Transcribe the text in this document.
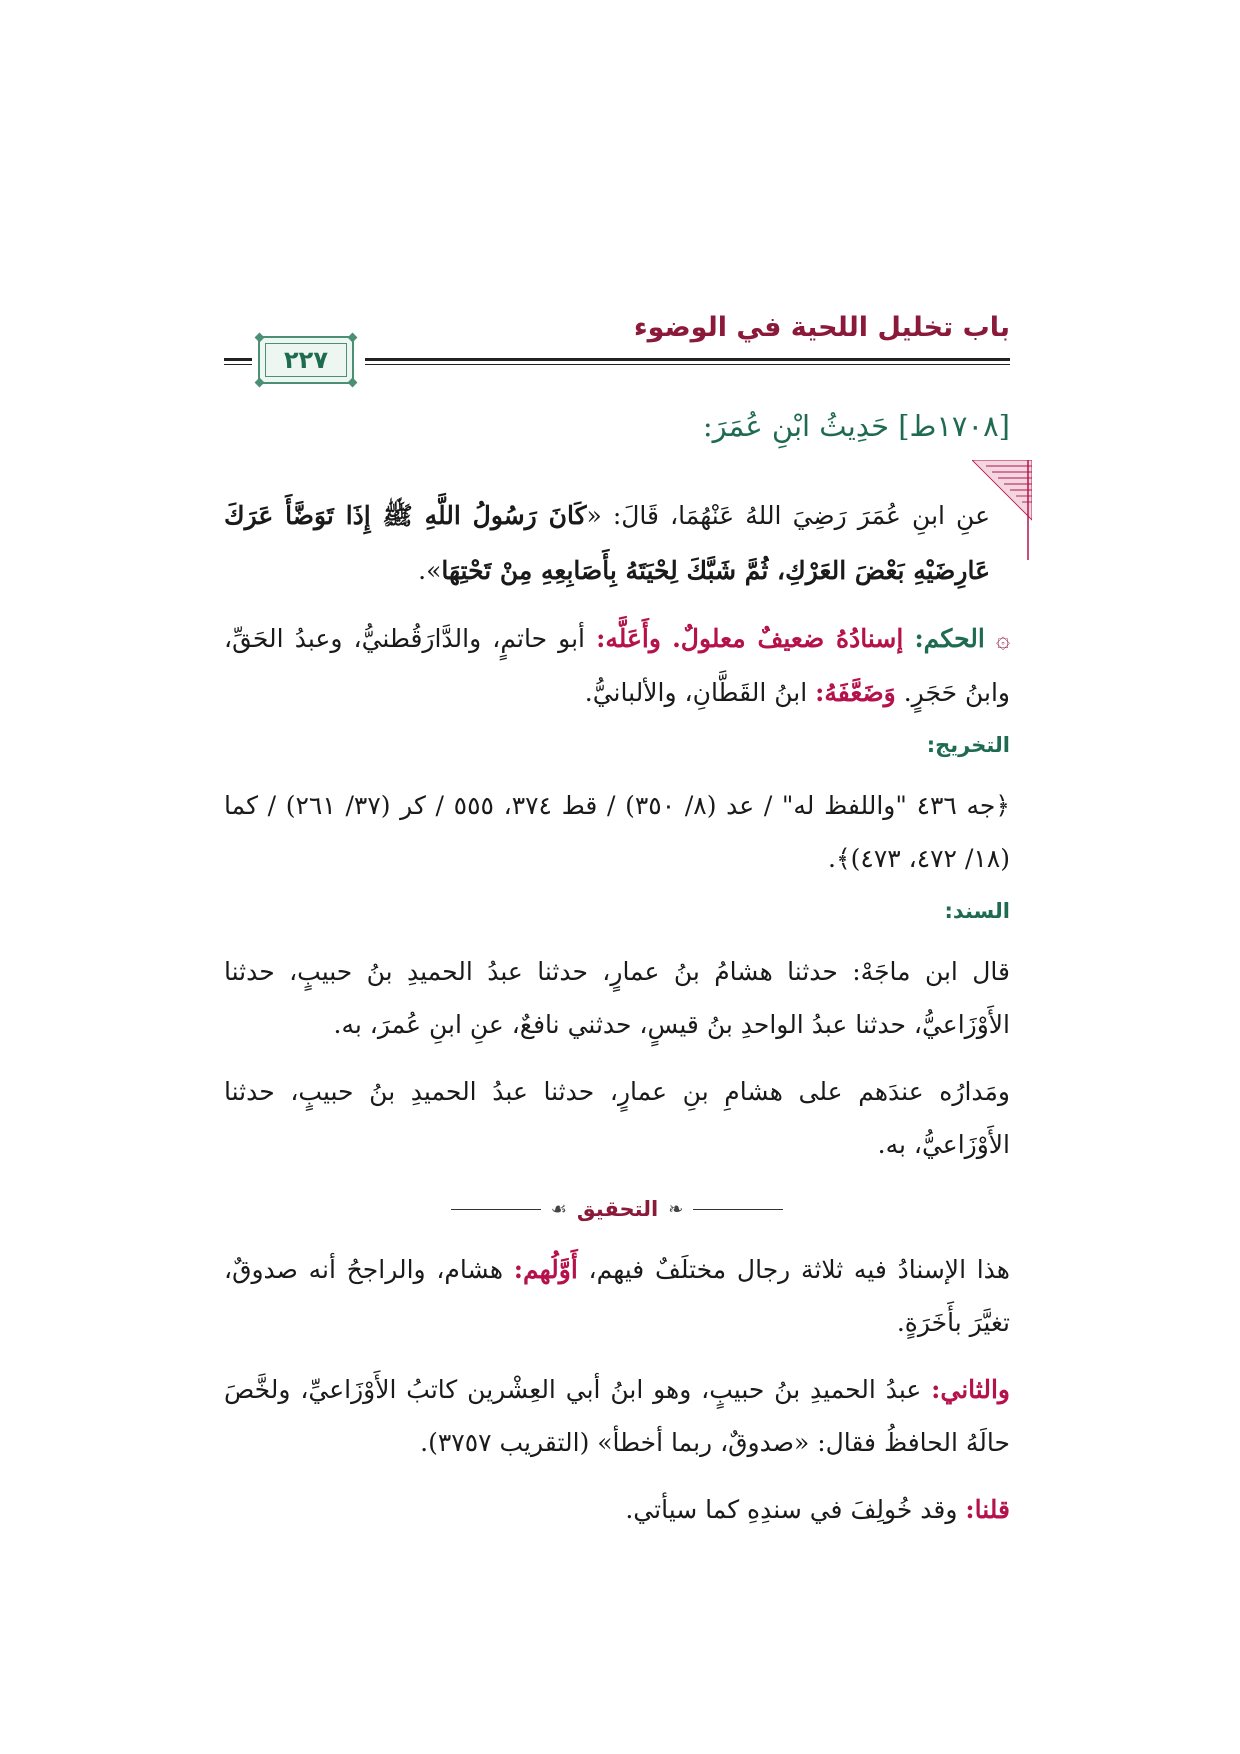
باب تخليل اللحية في الوضوء
٢٢٧
[١٧٠٨ط] حَدِيثُ ابْنِ عُمَرَ:
عنِ ابنِ عُمَرَ رَضِيَ اللهُ عَنْهُمَا، قَالَ: «كَانَ رَسُولُ اللَّهِ ﷺ إِذَا تَوَضَّأَ عَرَكَ عَارِضَيْهِ بَعْضَ العَرْكِ، ثُمَّ شَبَّكَ لِحْيَتَهُ بِأَصَابِعِهِ مِنْ تَحْتِهَا».
۞ الحكم: إسنادُهُ ضعيفٌ معلولٌ. وأَعَلَّه: أبو حاتمٍ، والدَّارَقُطنيُّ، وعبدُ الحَقِّ، وابنُ حَجَرٍ. وَضَعَّفَهُ: ابنُ القَطَّانِ، والألبانيُّ.
التخريج:
﴿جه ٤٣٦ "واللفظ له" / عد (٨/ ٣٥٠) / قط ٣٧٤، ٥٥٥ / كر (٣٧/ ٢٦١) / كما (١٨/ ٤٧٢، ٤٧٣)﴾.
السند:
قال ابن ماجَهْ: حدثنا هشامُ بنُ عمارٍ، حدثنا عبدُ الحميدِ بنُ حبيبٍ، حدثنا الأَوْزَاعيُّ، حدثنا عبدُ الواحدِ بنُ قيسٍ، حدثني نافعٌ، عنِ ابنِ عُمرَ، به.
ومَدارُه عندَهم على هشامِ بنِ عمارٍ، حدثنا عبدُ الحميدِ بنُ حبيبٍ، حدثنا الأَوْزَاعيُّ، به.
❧
التحقيق
☙
هذا الإسنادُ فيه ثلاثة رجال مختلَفٌ فيهم، أَوَّلُهم: هشام، والراجحُ أنه صدوقٌ، تغيَّرَ بأَخَرَةٍ.
والثاني: عبدُ الحميدِ بنُ حبيبٍ، وهو ابنُ أبي العِشْرين كاتبُ الأَوْزَاعيِّ، ولخَّصَ حالَهُ الحافظُ فقال: «صدوقٌ، ربما أخطأ» (التقريب ٣٧٥٧).
قلنا: وقد خُولِفَ في سندِهِ كما سيأتي.
